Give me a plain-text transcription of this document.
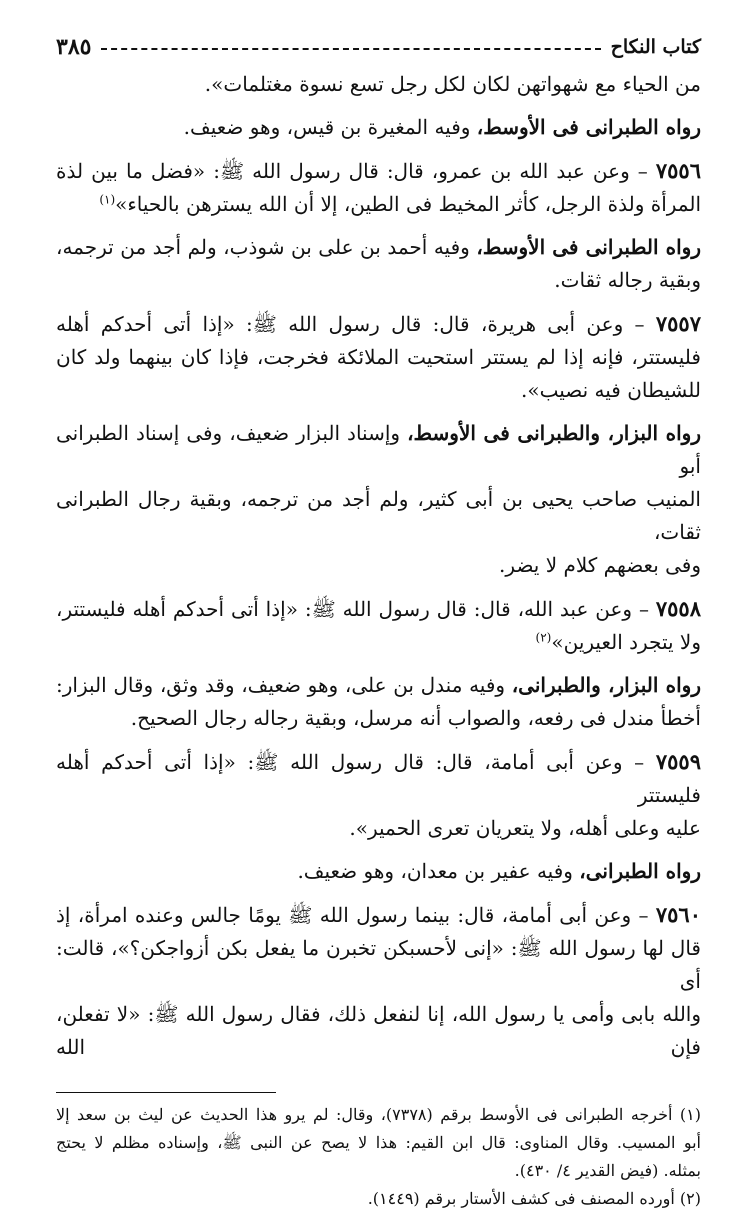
كتاب النكاح
٣٨٥

من الحياء مع شهواتهن لكان لكل رجل تسع نسوة مغتلمات».

رواه الطبرانى فى الأوسط، وفيه المغيرة بن قيس، وهو ضعيف.

٧٥٥٦ – وعن عبد الله بن عمرو، قال: قال رسول الله ﷺ: «فضل ما بين لذة

المرأة ولذة الرجل، كأثر المخيط فى الطين، إلا أن الله يسترهن بالحياء»$^{(١)}$

رواه الطبرانى فى الأوسط، وفيه أحمد بن على بن شوذب، ولم أجد من ترجمه،

وبقية رجاله ثقات.

٧٥٥٧ – وعن أبى هريرة، قال: قال رسول الله ﷺ: «إذا أتى أحدكم أهله

فليستتر، فإنه إذا لم يستتر استحيت الملائكة فخرجت، فإذا كان بينهما ولد كان

للشيطان فيه نصيب».

رواه البزار، والطبرانى فى الأوسط، وإسناد البزار ضعيف، وفى إسناد الطبرانى أبو

المنيب صاحب يحيى بن أبى كثير، ولم أجد من ترجمه، وبقية رجال الطبرانى ثقات،

وفى بعضهم كلام لا يضر.

٧٥٥٨ – وعن عبد الله، قال: قال رسول الله ﷺ: «إذا أتى أحدكم أهله فليستتر،

ولا يتجرد العيرين»$^{(٢)}$

رواه البزار، والطبرانى، وفيه مندل بن على، وهو ضعيف، وقد وثق، وقال البزار:

أخطأ مندل فى رفعه، والصواب أنه مرسل، وبقية رجاله رجال الصحيح.

٧٥٥٩ – وعن أبى أمامة، قال: قال رسول الله ﷺ: «إذا أتى أحدكم أهله فليستتر

عليه وعلى أهله، ولا يتعريان تعرى الحمير».

رواه الطبرانى، وفيه عفير بن معدان، وهو ضعيف.

٧٥٦٠ – وعن أبى أمامة، قال: بينما رسول الله ﷺ يومًا جالس وعنده امرأة، إذ

قال لها رسول الله ﷺ: «إنى لأحسبكن تخبرن ما يفعل بكن أزواجكن؟»، قالت: أى

والله بابى وأمى يا رسول الله، إنا لنفعل ذلك، فقال رسول الله ﷺ: «لا تفعلن، فإن الله

(١) أخرجه الطبرانى فى الأوسط برقم (٧٣٧٨)، وقال: لم يرو هذا الحديث عن ليث بن سعد إلا

أبو المسيب. وقال المناوى: قال ابن القيم: هذا لا يصح عن النبى ﷺ، وإسناده مظلم لا يحتج

بمثله. (فيض القدير ٤/ ٤٣٠).

(٢) أورده المصنف فى كشف الأستار برقم (١٤٤٩).
